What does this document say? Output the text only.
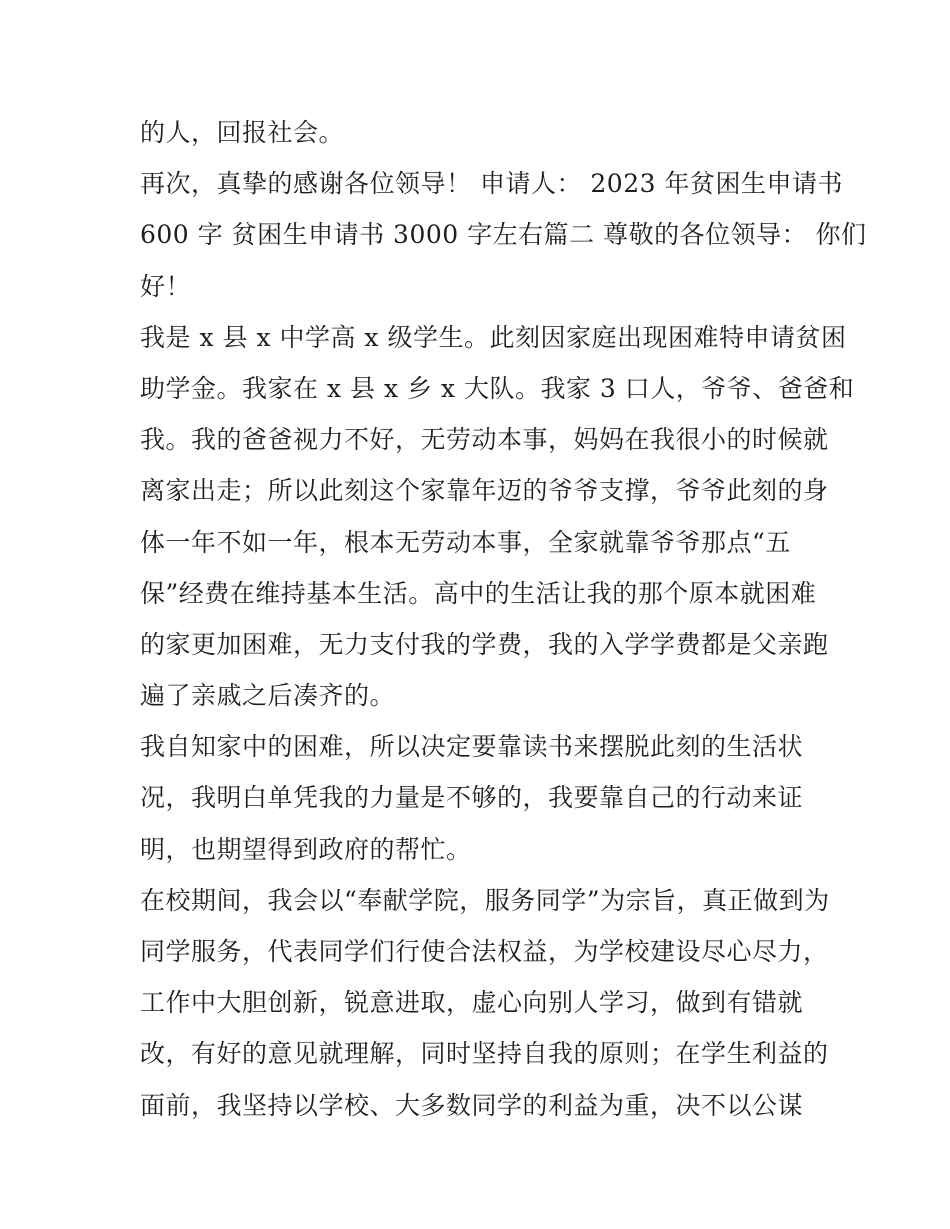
的人，回报社会。
再次，真挚的感谢各位领导！ 申请人： 2023 年贫困生申请书
600 字 贫困生申请书 3000 字左右篇二 尊敬的各位领导： 你们
好！
我是 x 县 x 中学高 x 级学生。此刻因家庭出现困难特申请贫困
助学金。我家在 x 县 x 乡 x 大队。我家 3 口人，爷爷、爸爸和
我。我的爸爸视力不好，无劳动本事，妈妈在我很小的时候就
离家出走；所以此刻这个家靠年迈的爷爷支撑，爷爷此刻的身
体一年不如一年，根本无劳动本事，全家就靠爷爷那点“五
保”经费在维持基本生活。高中的生活让我的那个原本就困难
的家更加困难，无力支付我的学费，我的入学学费都是父亲跑
遍了亲戚之后凑齐的。
我自知家中的困难，所以决定要靠读书来摆脱此刻的生活状
况，我明白单凭我的力量是不够的，我要靠自己的行动来证
明，也期望得到政府的帮忙。
在校期间，我会以“奉献学院，服务同学”为宗旨，真正做到为
同学服务，代表同学们行使合法权益，为学校建设尽心尽力，
工作中大胆创新，锐意进取，虚心向别人学习，做到有错就
改，有好的意见就理解，同时坚持自我的原则；在学生利益的
面前，我坚持以学校、大多数同学的利益为重，决不以公谋
